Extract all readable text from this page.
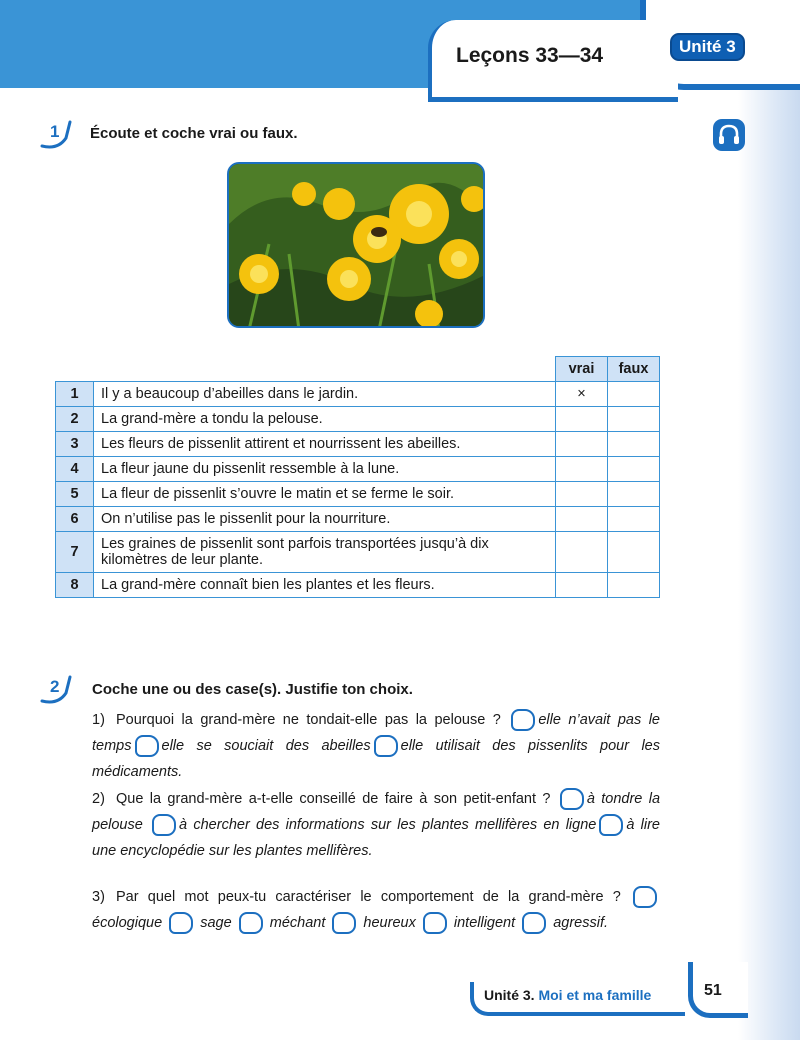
Leçons 33—34	Unité 3
1 Écoute et coche vrai ou faux.
		vrai	faux
1	Il y a beaucoup d’abeilles dans le jardin.	×	
2	La grand-mère a tondu la pelouse.		
3	Les fleurs de pissenlit attirent et nourrissent les abeilles.		
4	La fleur jaune du pissenlit ressemble à la lune.		
5	La fleur de pissenlit s’ouvre le matin et se ferme le soir.		
6	On n’utilise pas le pissenlit pour la nourriture.		
7	Les graines de pissenlit sont parfois transportées jusqu’à dix kilomètres de leur plante.		
8	La grand-mère connaît bien les plantes et les fleurs.		
2 Coche une ou des case(s). Justifie ton choix.
1) Pourquoi la grand-mère ne tondait-elle pas la pelouse ?	elle n’avait pas le temps elle se souciait des abeilles elle utilisait des pissenlits pour les médicaments.
2) Que la grand-mère a-t-elle conseillé de faire à son petit-enfant ?	à tondre la pelouse	à chercher des informations sur les plantes mellifères en ligne à lire une encyclopédie sur les plantes mellifères.
3) Par quel mot peux-tu caractériser le comportement de la grand-mère ?  écologique	sage	méchant	heureux	intelligent	agressif.
Unité 3. Moi et ma famille	51
